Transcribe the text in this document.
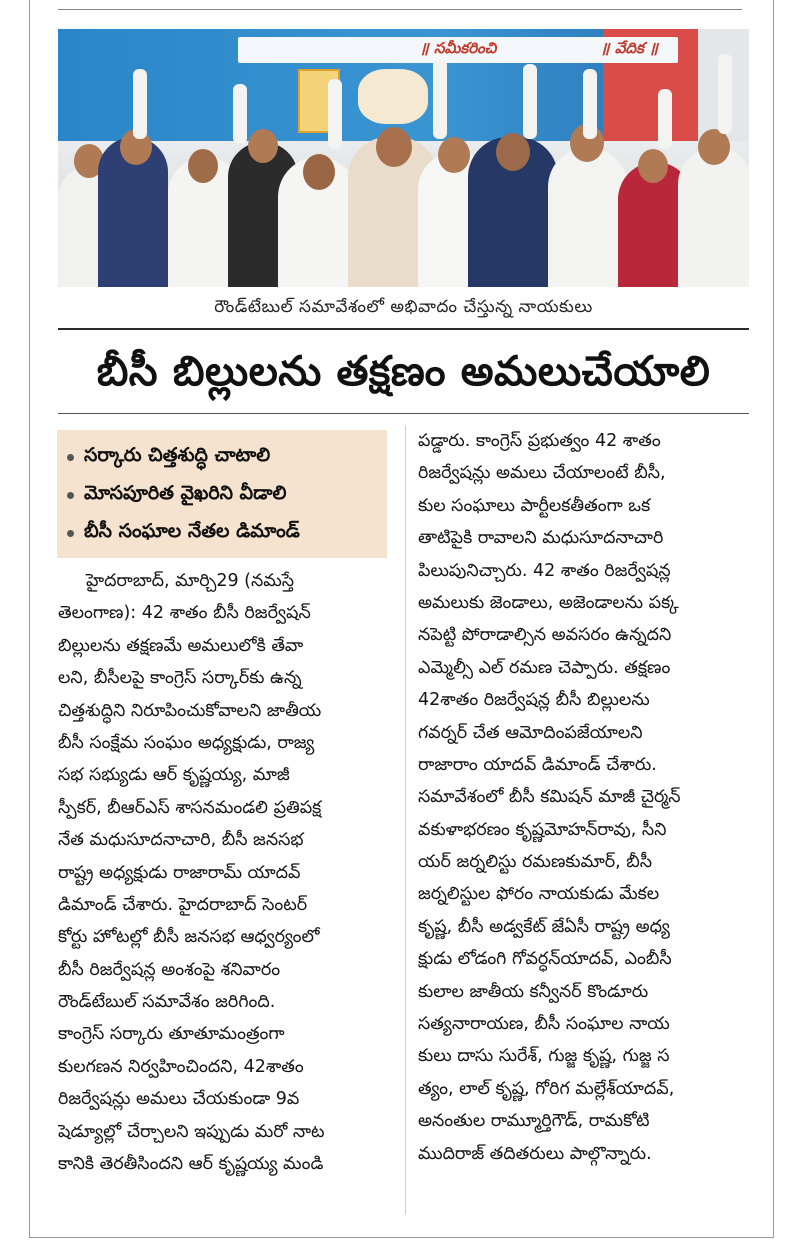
॥ సమీకరించి	॥ వేదిక ॥
రౌండ్‌టేబుల్ సమావేశంలో అభివాదం చేస్తున్న నాయకులు
బీసీ బిల్లులను తక్షణం అమలుచేయాలి
సర్కారు చిత్తశుద్ధి చాటాలి
మోసపూరిత వైఖరిని వీడాలి
బీసీ సంఘాల నేతల డిమాండ్
హైదరాబాద్, మార్చి29 (నమస్తే
తెలంగాణ): 42 శాతం బీసీ రిజర్వేషన్
బిల్లులను తక్షణమే అమలులోకి తేవా
లని, బీసీలపై కాంగ్రెస్ సర్కార్‌కు ఉన్న
చిత్తశుద్ధిని నిరూపించుకోవాలని జాతీయ
బీసీ సంక్షేమ సంఘం అధ్యక్షుడు, రాజ్య
సభ సభ్యుడు ఆర్ కృష్ణయ్య, మాజీ
స్పీకర్, బీఆర్‌ఎస్ శాసనమండలి ప్రతిపక్ష
నేత మధుసూదనాచారి, బీసీ జనసభ
రాష్ట్ర అధ్యక్షుడు రాజారామ్ యాదవ్
డిమాండ్ చేశారు. హైదరాబాద్ సెంటర్
కోర్టు హోటల్లో బీసీ జనసభ ఆధ్వర్యంలో
బీసీ రిజర్వేషన్ల అంశంపై శనివారం
రౌండ్‌టేబుల్ సమావేశం జరిగింది.
కాంగ్రెస్ సర్కారు తూతూమంత్రంగా
కులగణన నిర్వహించిందని, 42శాతం
రిజర్వేషన్లు అమలు చేయకుండా 9వ
షెడ్యూల్లో చేర్చాలని ఇప్పుడు మరో నాట
కానికి తెరతీసిందని ఆర్ కృష్ణయ్య మండి
పడ్డారు. కాంగ్రెస్ ప్రభుత్వం 42 శాతం
రిజర్వేషన్లు అమలు చేయాలంటే బీసీ,
కుల సంఘాలు పార్టీలకతీతంగా ఒక
తాటిపైకి రావాలని మధుసూదనాచారి
పిలుపునిచ్చారు. 42 శాతం రిజర్వేషన్ల
అమలుకు జెండాలు, అజెండాలను పక్క
నపెట్టి పోరాడాల్సిన అవసరం ఉన్నదని
ఎమ్మెల్సీ ఎల్ రమణ చెప్పారు. తక్షణం
42శాతం రిజర్వేషన్ల బీసీ బిల్లులను
గవర్నర్ చేత ఆమోదింపజేయాలని
రాజారాం యాదవ్ డిమాండ్ చేశారు.
సమావేశంలో బీసీ కమిషన్ మాజీ చైర్మన్
వకుళాభరణం కృష్ణమోహన్‌రావు, సీని
యర్ జర్నలిస్టు రమణకుమార్, బీసీ
జర్నలిస్టుల ఫోరం నాయకుడు మేకల
కృష్ణ, బీసీ అడ్వకేట్ జేఏసీ రాష్ట్ర అధ్య
క్షుడు లోడంగి గోవర్ధన్‌యాదవ్, ఎంబీసీ
కులాల జాతీయ కన్వీనర్ కొండూరు
సత్యనారాయణ, బీసీ సంఘాల నాయ
కులు దాసు సురేశ్, గుజ్జ కృష్ణ, గుజ్జ స
త్యం, లాల్ కృష్ణ, గోరిగ మల్లేశ్‌యాదవ్,
అనంతుల రామ్మూర్తిగౌడ్, రామకోటి
ముదిరాజ్ తదితరులు పాల్గొన్నారు.
